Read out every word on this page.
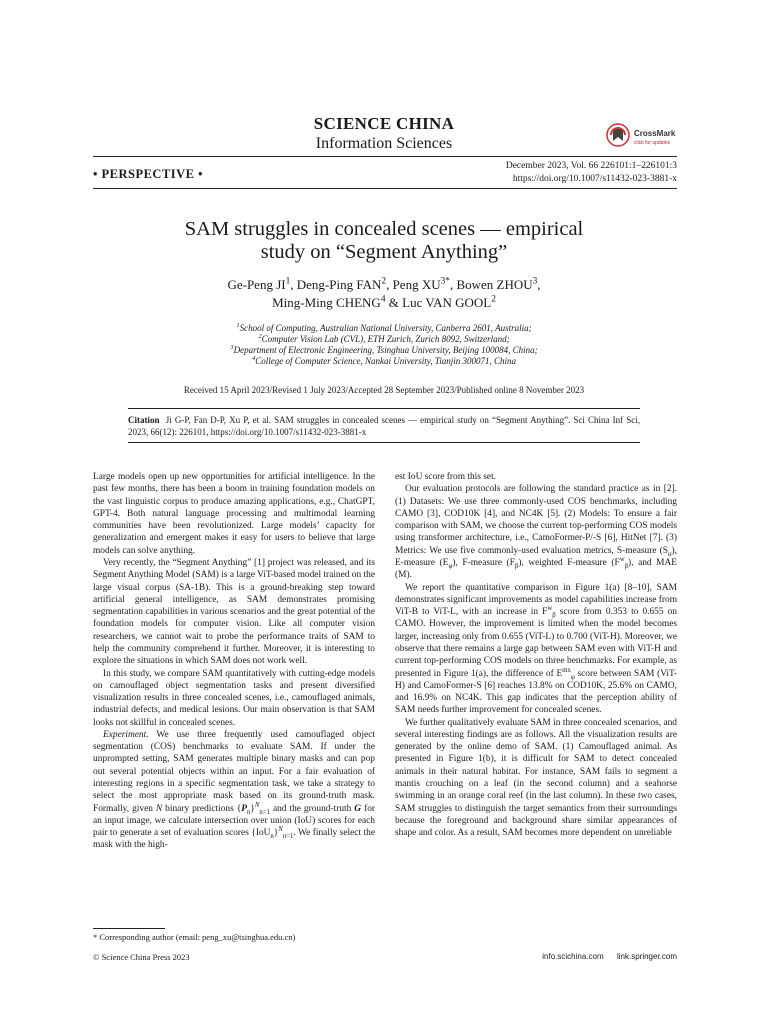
SCIENCE CHINA
Information Sciences
CrossMark
click for updates
December 2023, Vol. 66 226101:1–226101:3
https://doi.org/10.1007/s11432-023-3881-x
• PERSPECTIVE •
SAM struggles in concealed scenes — empirical
study on “Segment Anything”
Ge-Peng $JI^1$, Deng-Ping FAN$^2$, Peng $XU^{3*}$, Bowen ZHOU$^3$,
Ming-Ming CHENG$^4$ & Luc VAN GOOL$^2$
$^1$School of Computing, Australian National University, Canberra 2601, Australia;
$^2$Computer Vision Lab (CVL), ETH Zurich, Zurich 8092, Switzerland;
$^3$Department of Electronic Engineering, Tsinghua University, Beijing 100084, China;
$^4$College of Computer Science, Nankai University, Tianjin 300071, China
Received 15 April 2023/Revised 1 July 2023/Accepted 28 September 2023/Published online 8 November 2023
Citation Ji G-P, Fan D-P, Xu P, et al. SAM struggles in concealed scenes — empirical study on “Segment Anything”. Sci China Inf Sci, 2023, 66(12): 226101, https://doi.org/10.1007/s11432-023-3881-x

Large models open up new opportunities for artificial intelligence. In the past few months, there has been a boom in training foundation models on the vast linguistic corpus to produce amazing applications, e.g., ChatGPT, GPT-4. Both natural language processing and multimodal learning communities have been revolutionized. Large models’ capacity for generalization and emergent makes it easy for users to believe that large models can solve anything.

Very recently, the “Segment Anything” [1] project was released, and its Segment Anything Model (SAM) is a large ViT-based model trained on the large visual corpus (SA-1B). This is a ground-breaking step toward artificial general intelligence, as SAM demonstrates promising segmentation capabilities in various scenarios and the great potential of the foundation models for computer vision. Like all computer vision researchers, we cannot wait to probe the performance traits of SAM to help the community comprehend it further. Moreover, it is interesting to explore the situations in which SAM does not work well.

In this study, we compare SAM quantitatively with cutting-edge models on camouflaged object segmentation tasks and present diversified visualization results in three concealed scenes, i.e., camouflaged animals, industrial defects, and medical lesions. Our main observation is that SAM looks not skillful in concealed scenes.

Experiment. We use three frequently used camouflaged object segmentation (COS) benchmarks to evaluate SAM. If under the unprompted setting, SAM generates multiple binary masks and can pop out several potential objects within an input. For a fair evaluation of interesting regions in a specific segmentation task, we take a strategy to select the most appropriate mask based on its ground-truth mask. Formally, given N binary predictions $\{P_n\}^N_{n=1}$ and the ground-truth G for an input image, we calculate intersection over union (IoU) scores for each pair to generate a set of evaluation scores $\{IoU_n\}^N_{n=1}$. We finally select the mask with the high-

est IoU score from this set.

Our evaluation protocols are following the standard practice as in [2]. (1) Datasets: We use three commonly-used COS benchmarks, including CAMO [3], COD10K [4], and NC4K [5]. (2) Models: To ensure a fair comparison with SAM, we choose the current top-performing COS models using transformer architecture, i.e., CamoFormer-P/-S [6], HitNet [7]. (3) Metrics: We use five commonly-used evaluation metrics, S-measure $(S_\alpha)$, E-measure $(E_\varphi)$, F-measure $(F_\beta)$, weighted F-measure $(F^w_\beta)$, and MAE (M).

We report the quantitative comparison in Figure 1(a) [8–10], SAM demonstrates significant improvements as model capabilities increase from ViT-B to ViT-L, with an increase in $F^w_\beta$ score from 0.353 to 0.655 on CAMO. However, the improvement is limited when the model becomes larger, increasing only from 0.655 (ViT-L) to 0.700 (ViT-H). Moreover, we observe that there remains a large gap between SAM even with ViT-H and current top-performing COS models on three benchmarks. For example, as presented in Figure 1(a), the difference of $E^{mx}_\varphi$ score between SAM (ViT-H) and CamoFormer-S [6] reaches 13.8% on COD10K, 25.6% on CAMO, and 16.9% on NC4K. This gap indicates that the perception ability of SAM needs further improvement for concealed scenes.

We further qualitatively evaluate SAM in three concealed scenarios, and several interesting findings are as follows. All the visualization results are generated by the online demo of SAM. (1) Camouflaged animal. As presented in Figure 1(b), it is difficult for SAM to detect concealed animals in their natural habitat. For instance, SAM fails to segment a mantis crouching on a leaf (in the second column) and a seahorse swimming in an orange coral reef (in the last column). In these two cases, SAM struggles to distinguish the target semantics from their surroundings because the foreground and background share similar appearances of shape and color. As a result, SAM becomes more dependent on unreliable

* Corresponding author (email: peng_xu@tsinghua.edu.cn)
© Science China Press 2023	info.scichina.com      link.springer.com
